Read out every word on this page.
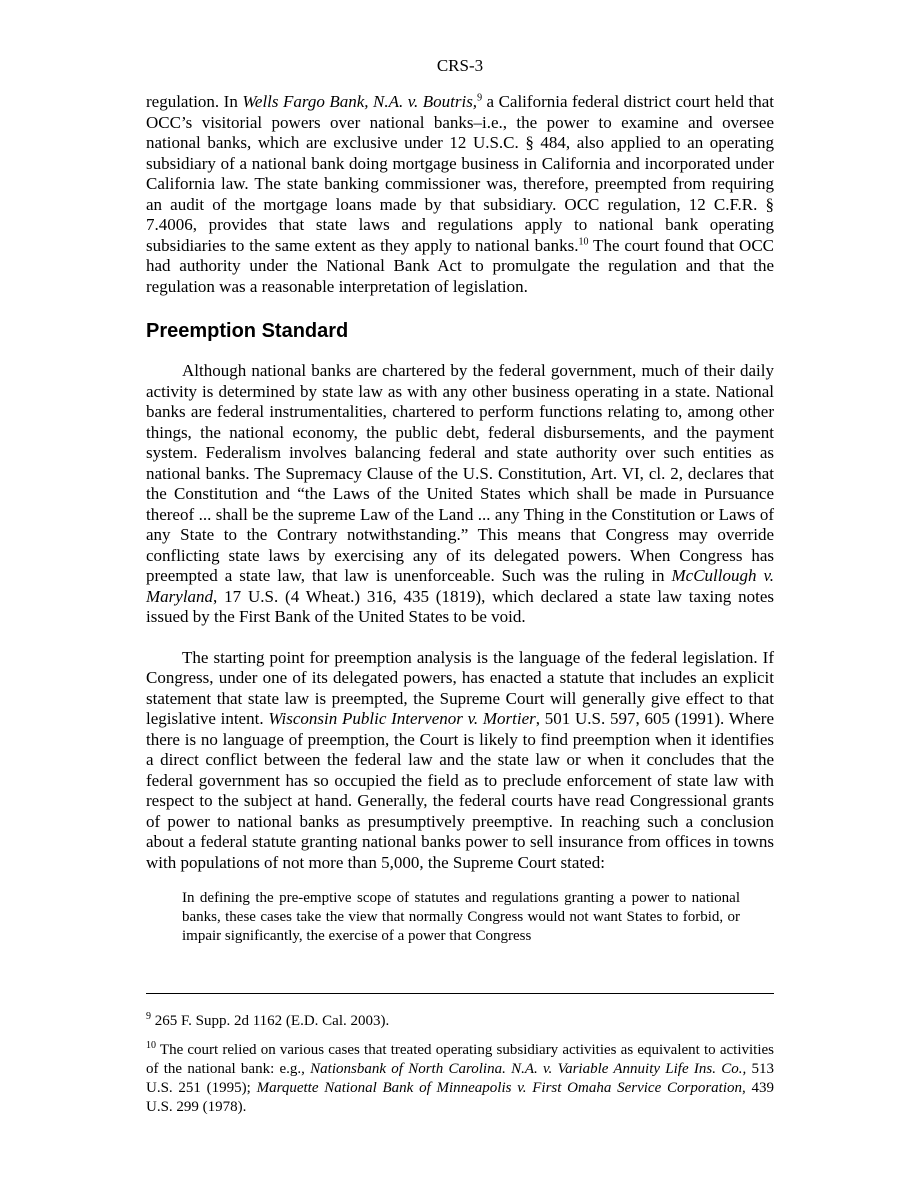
CRS-3

regulation. In Wells Fargo Bank, N.A. v. Boutris,$^9$ a California federal district court held that OCC’s visitorial powers over national banks–i.e., the power to examine and oversee national banks, which are exclusive under 12 U.S.C. § 484, also applied to an operating subsidiary of a national bank doing mortgage business in California and incorporated under California law. The state banking commissioner was, therefore, preempted from requiring an audit of the mortgage loans made by that subsidiary. OCC regulation, 12 C.F.R. § 7.4006, provides that state laws and regulations apply to national bank operating subsidiaries to the same extent as they apply to national banks.$^{10}$ The court found that OCC had authority under the National Bank Act to promulgate the regulation and that the regulation was a reasonable interpretation of legislation.

Preemption Standard

Although national banks are chartered by the federal government, much of their daily activity is determined by state law as with any other business operating in a state. National banks are federal instrumentalities, chartered to perform functions relating to, among other things, the national economy, the public debt, federal disbursements, and the payment system. Federalism involves balancing federal and state authority over such entities as national banks. The Supremacy Clause of the U.S. Constitution, Art. VI, cl. 2, declares that the Constitution and “the Laws of the United States which shall be made in Pursuance thereof ... shall be the supreme Law of the Land ... any Thing in the Constitution or Laws of any State to the Contrary notwithstanding.” This means that Congress may override conflicting state laws by exercising any of its delegated powers. When Congress has preempted a state law, that law is unenforceable. Such was the ruling in McCullough v. Maryland, 17 U.S. (4 Wheat.) 316, 435 (1819), which declared a state law taxing notes issued by the First Bank of the United States to be void.

The starting point for preemption analysis is the language of the federal legislation. If Congress, under one of its delegated powers, has enacted a statute that includes an explicit statement that state law is preempted, the Supreme Court will generally give effect to that legislative intent. Wisconsin Public Intervenor v. Mortier, 501 U.S. 597, 605 (1991). Where there is no language of preemption, the Court is likely to find preemption when it identifies a direct conflict between the federal law and the state law or when it concludes that the federal government has so occupied the field as to preclude enforcement of state law with respect to the subject at hand. Generally, the federal courts have read Congressional grants of power to national banks as presumptively preemptive. In reaching such a conclusion about a federal statute granting national banks power to sell insurance from offices in towns with populations of not more than 5,000, the Supreme Court stated:

In defining the pre-emptive scope of statutes and regulations granting a power to national banks, these cases take the view that normally Congress would not want States to forbid, or impair significantly, the exercise of a power that Congress

$^9$ 265 F. Supp. 2d 1162 (E.D. Cal. 2003).

$^{10}$ The court relied on various cases that treated operating subsidiary activities as equivalent to activities of the national bank: e.g., Nationsbank of North Carolina. N.A. v. Variable Annuity Life Ins. Co., 513 U.S. 251 (1995); Marquette National Bank of Minneapolis v. First Omaha Service Corporation, 439 U.S. 299 (1978).
